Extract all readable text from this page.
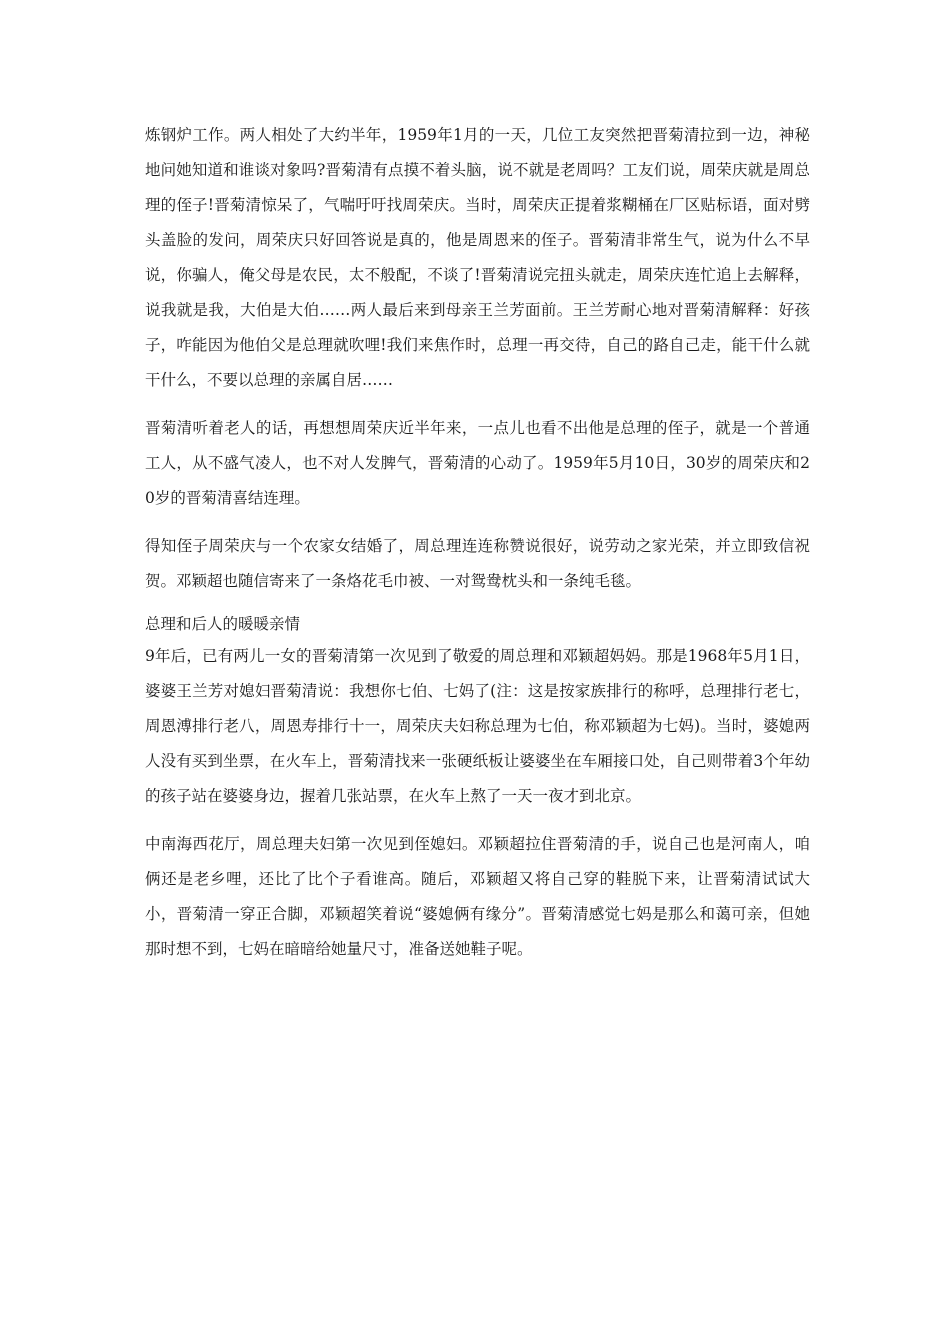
炼钢炉工作。两人相处了大约半年，1959年1月的一天，几位工友突然把晋菊清拉到一边，神秘地问她知道和谁谈对象吗?晋菊清有点摸不着头脑，说不就是老周吗？工友们说，周荣庆就是周总理的侄子!晋菊清惊呆了，气喘吁吁找周荣庆。当时，周荣庆正提着浆糊桶在厂区贴标语，面对劈头盖脸的发问，周荣庆只好回答说是真的，他是周恩来的侄子。晋菊清非常生气，说为什么不早说，你骗人，俺父母是农民，太不般配，不谈了!晋菊清说完扭头就走，周荣庆连忙追上去解释，说我就是我，大伯是大伯……两人最后来到母亲王兰芳面前。王兰芳耐心地对晋菊清解释：好孩子，咋能因为他伯父是总理就吹哩!我们来焦作时，总理一再交待，自己的路自己走，能干什么就干什么，不要以总理的亲属自居……

晋菊清听着老人的话，再想想周荣庆近半年来，一点儿也看不出他是总理的侄子，就是一个普通工人，从不盛气凌人，也不对人发脾气，晋菊清的心动了。1959年5月10日，30岁的周荣庆和20岁的晋菊清喜结连理。

得知侄子周荣庆与一个农家女结婚了，周总理连连称赞说很好，说劳动之家光荣，并立即致信祝贺。邓颖超也随信寄来了一条烙花毛巾被、一对鸳鸯枕头和一条纯毛毯。

总理和后人的暖暖亲情

9年后，已有两儿一女的晋菊清第一次见到了敬爱的周总理和邓颖超妈妈。那是1968年5月1日，婆婆王兰芳对媳妇晋菊清说：我想你七伯、七妈了(注：这是按家族排行的称呼，总理排行老七，周恩溥排行老八，周恩寿排行十一，周荣庆夫妇称总理为七伯，称邓颖超为七妈)。当时，婆媳两人没有买到坐票，在火车上，晋菊清找来一张硬纸板让婆婆坐在车厢接口处，自己则带着3个年幼的孩子站在婆婆身边，握着几张站票，在火车上熬了一天一夜才到北京。

中南海西花厅，周总理夫妇第一次见到侄媳妇。邓颖超拉住晋菊清的手，说自己也是河南人，咱俩还是老乡哩，还比了比个子看谁高。随后，邓颖超又将自己穿的鞋脱下来，让晋菊清试试大小，晋菊清一穿正合脚，邓颖超笑着说“婆媳俩有缘分”。晋菊清感觉七妈是那么和蔼可亲，但她那时想不到，七妈在暗暗给她量尺寸，准备送她鞋子呢。
